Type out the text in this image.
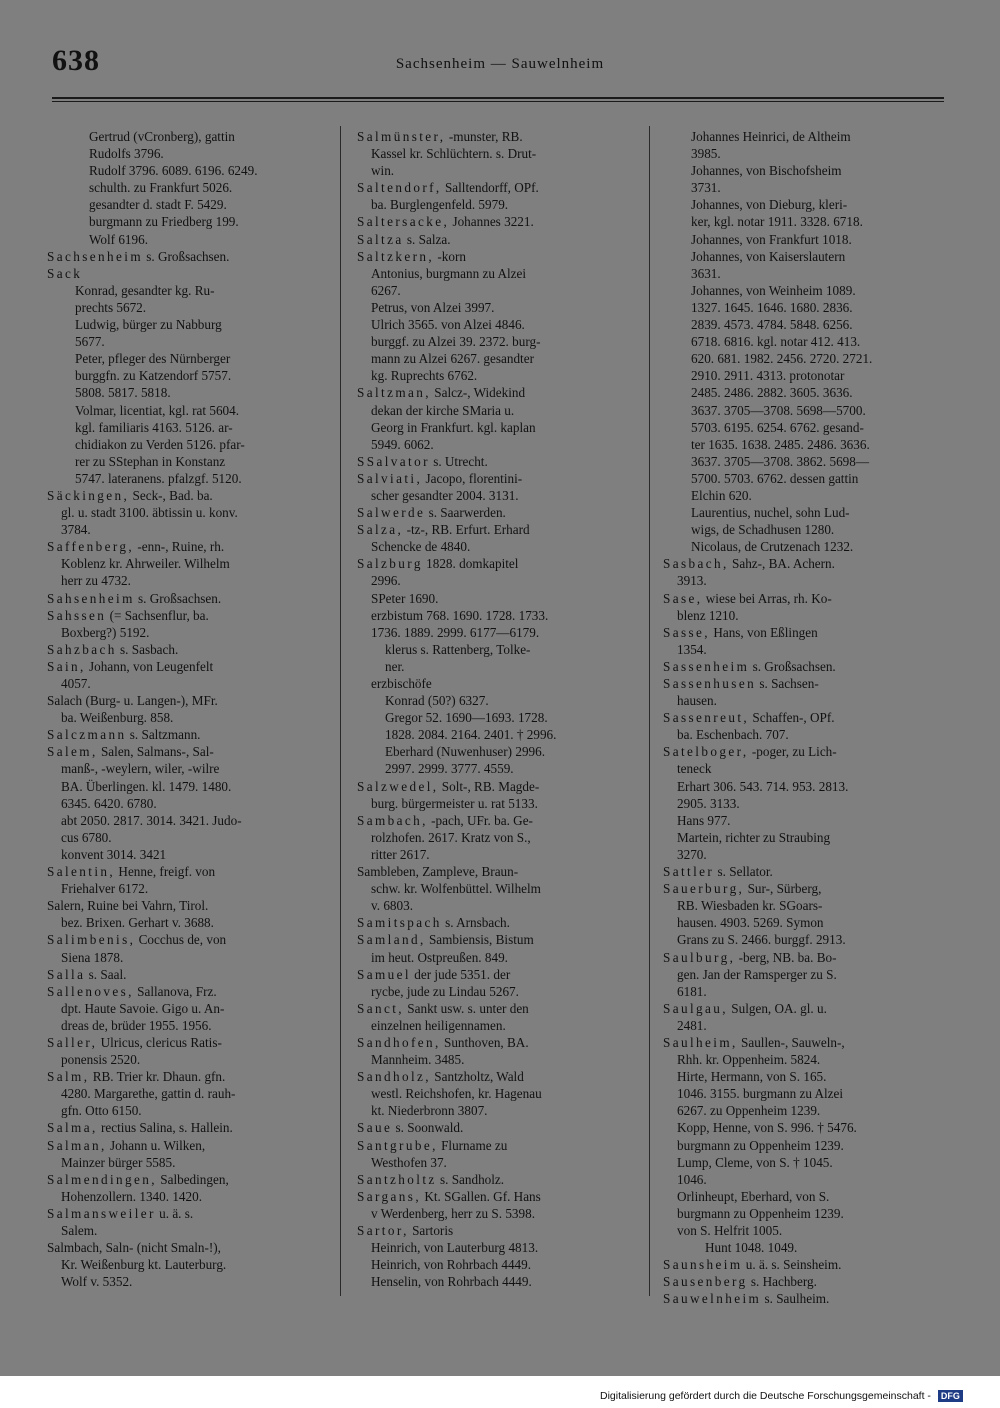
638	Sachsenheim — Sauwelnheim
Gertrud (vCronberg), gattin
Rudolfs 3796.
Rudolf 3796. 6089. 6196. 6249.
schulth. zu Frankfurt 5026.
gesandter d. stadt F. 5429.
burgmann zu Friedberg 199.
Wolf 6196.
Sachsenheim s. Großsachsen.
Sack
Konrad, gesandter kg. Ru-
prechts 5672.
Ludwig, bürger zu Nabburg
5677.
Peter, pfleger des Nürnberger
burggfn. zu Katzendorf 5757.
5808. 5817. 5818.
Volmar, licentiat, kgl. rat 5604.
kgl. familiaris 4163. 5126. ar-
chidiakon zu Verden 5126. pfar-
rer zu SStephan in Konstanz
5747. lateranens. pfalzgf. 5120.
Säckingen, Seck-, Bad. ba.
gl. u. stadt 3100. äbtissin u. konv.
3784.
Saffenberg, -enn-, Ruine, rh.
Koblenz kr. Ahrweiler. Wilhelm
herr zu 4732.
Sahsenheim s. Großsachsen.
Sahssen (= Sachsenflur, ba.
Boxberg?) 5192.
Sahzbach s. Sasbach.
Sain, Johann, von Leugenfelt
4057.
Salach (Burg- u. Langen-), MFr.
ba. Weißenburg. 858.
Salczmann s. Saltzmann.
Salem, Salen, Salmans-, Sal-
manß-, -weylern, wiler, -wilre
BA. Überlingen. kl. 1479. 1480.
6345. 6420. 6780.
abt 2050. 2817. 3014. 3421. Judo-
cus 6780.
konvent 3014. 3421
Salentin, Henne, freigf. von
Friehalver 6172.
Salern, Ruine bei Vahrn, Tirol.
bez. Brixen. Gerhart v. 3688.
Salimbenis, Cocchus de, von
Siena 1878.
Salla s. Saal.
Sallenoves, Sallanova, Frz.
dpt. Haute Savoie. Gigo u. An-
dreas de, brüder 1955. 1956.
Saller, Ulricus, clericus Ratis-
ponensis 2520.
Salm, RB. Trier kr. Dhaun. gfn.
4280. Margarethe, gattin d. rauh-
gfn. Otto 6150.
Salma, rectius Salina, s. Hallein.
Salman, Johann u. Wilken,
Mainzer bürger 5585.
Salmendingen, Salbedingen,
Hohenzollern. 1340. 1420.
Salmansweiler u. ä. s.
Salem.
Salmbach, Saln- (nicht Smaln-!),
Kr. Weißenburg kt. Lauterburg.
Wolf v. 5352.
Salmünster, -munster, RB.
Kassel kr. Schlüchtern. s. Drut-
win.
Saltendorf, Salltendorff, OPf.
ba. Burglengenfeld. 5979.
Saltersacke, Johannes 3221.
Saltza s. Salza.
Saltzkern, -korn
Antonius, burgmann zu Alzei
6267.
Petrus, von Alzei 3997.
Ulrich 3565. von Alzei 4846.
burggf. zu Alzei 39. 2372. burg-
mann zu Alzei 6267. gesandter
kg. Ruprechts 6762.
Saltzman, Salcz-, Widekind
dekan der kirche SMaria u.
Georg in Frankfurt. kgl. kaplan
5949. 6062.
SSalvator s. Utrecht.
Salviati, Jacopo, florentini-
scher gesandter 2004. 3131.
Salwerde s. Saarwerden.
Salza, -tz-, RB. Erfurt. Erhard
Schencke de 4840.
Salzburg 1828. domkapitel
2996.
SPeter 1690.
erzbistum 768. 1690. 1728. 1733.
1736. 1889. 2999. 6177—6179.
klerus s. Rattenberg, Tolke-
ner.
erzbischöfe
Konrad (50?) 6327.
Gregor 52. 1690—1693. 1728.
1828. 2084. 2164. 2401. † 2996.
Eberhard (Nuwenhuser) 2996.
2997. 2999. 3777. 4559.
Salzwedel, Solt-, RB. Magde-
burg. bürgermeister u. rat 5133.
Sambach, -pach, UFr. ba. Ge-
rolzhofen. 2617. Kratz von S.,
ritter 2617.
Sambleben, Zampleve, Braun-
schw. kr. Wolfenbüttel. Wilhelm
v. 6803.
Samitspach s. Arnsbach.
Samland, Sambiensis, Bistum
im heut. Ostpreußen. 849.
Samuel der jude 5351. der
rycbe, jude zu Lindau 5267.
Sanct, Sankt usw. s. unter den
einzelnen heiligennamen.
Sandhofen, Sunthoven, BA.
Mannheim. 3485.
Sandholz, Santzholtz, Wald
westl. Reichshofen, kr. Hagenau
kt. Niederbronn 3807.
Saue s. Soonwald.
Santgrube, Flurname zu
Westhofen 37.
Santzholtz s. Sandholz.
Sargans, Kt. SGallen. Gf. Hans
v Werdenberg, herr zu S. 5398.
Sartor, Sartoris
Heinrich, von Lauterburg 4813.
Heinrich, von Rohrbach 4449.
Henselin, von Rohrbach 4449.
Johannes Heinrici, de Altheim
3985.
Johannes, von Bischofsheim
3731.
Johannes, von Dieburg, kleri-
ker, kgl. notar 1911. 3328. 6718.
Johannes, von Frankfurt 1018.
Johannes, von Kaiserslautern
3631.
Johannes, von Weinheim 1089.
1327. 1645. 1646. 1680. 2836.
2839. 4573. 4784. 5848. 6256.
6718. 6816. kgl. notar 412. 413.
620. 681. 1982. 2456. 2720. 2721.
2910. 2911. 4313. protonotar
2485. 2486. 2882. 3605. 3636.
3637. 3705—3708. 5698—5700.
5703. 6195. 6254. 6762. gesand-
ter 1635. 1638. 2485. 2486. 3636.
3637. 3705—3708. 3862. 5698—
5700. 5703. 6762. dessen gattin
Elchin 620.
Laurentius, nuchel, sohn Lud-
wigs, de Schadhusen 1280.
Nicolaus, de Crutzenach 1232.
Sasbach, Sahz-, BA. Achern.
3913.
Sase, wiese bei Arras, rh. Ko-
blenz 1210.
Sasse, Hans, von Eßlingen
1354.
Sassenheim s. Großsachsen.
Sassenhusen s. Sachsen-
hausen.
Sassenreut, Schaffen-, OPf.
ba. Eschenbach. 707.
Satelboger, -poger, zu Lich-
teneck
Erhart 306. 543. 714. 953. 2813.
2905. 3133.
Hans 977.
Martein, richter zu Straubing
3270.
Sattler s. Sellator.
Sauerburg, Sur-, Sürberg,
RB. Wiesbaden kr. SGoars-
hausen. 4903. 5269. Symon
Grans zu S. 2466. burggf. 2913.
Saulburg, -berg, NB. ba. Bo-
gen. Jan der Ramsperger zu S.
6181.
Saulgau, Sulgen, OA. gl. u.
2481.
Saulheim, Saullen-, Sauweln-,
Rhh. kr. Oppenheim. 5824.
Hirte, Hermann, von S. 165.
1046. 3155. burgmann zu Alzei
6267. zu Oppenheim 1239.
Kopp, Henne, von S. 996. † 5476.
burgmann zu Oppenheim 1239.
Lump, Cleme, von S. † 1045.
1046.
Orlinheupt, Eberhard, von S.
burgmann zu Oppenheim 1239.
von S. Helfrit 1005.
Hunt 1048. 1049.
Saunsheim u. ä. s. Seinsheim.
Sausenberg s. Hachberg.
Sauwelnheim s. Saulheim.
Digitalisierung gefördert durch die Deutsche Forschungsgemeinschaft - DFG
